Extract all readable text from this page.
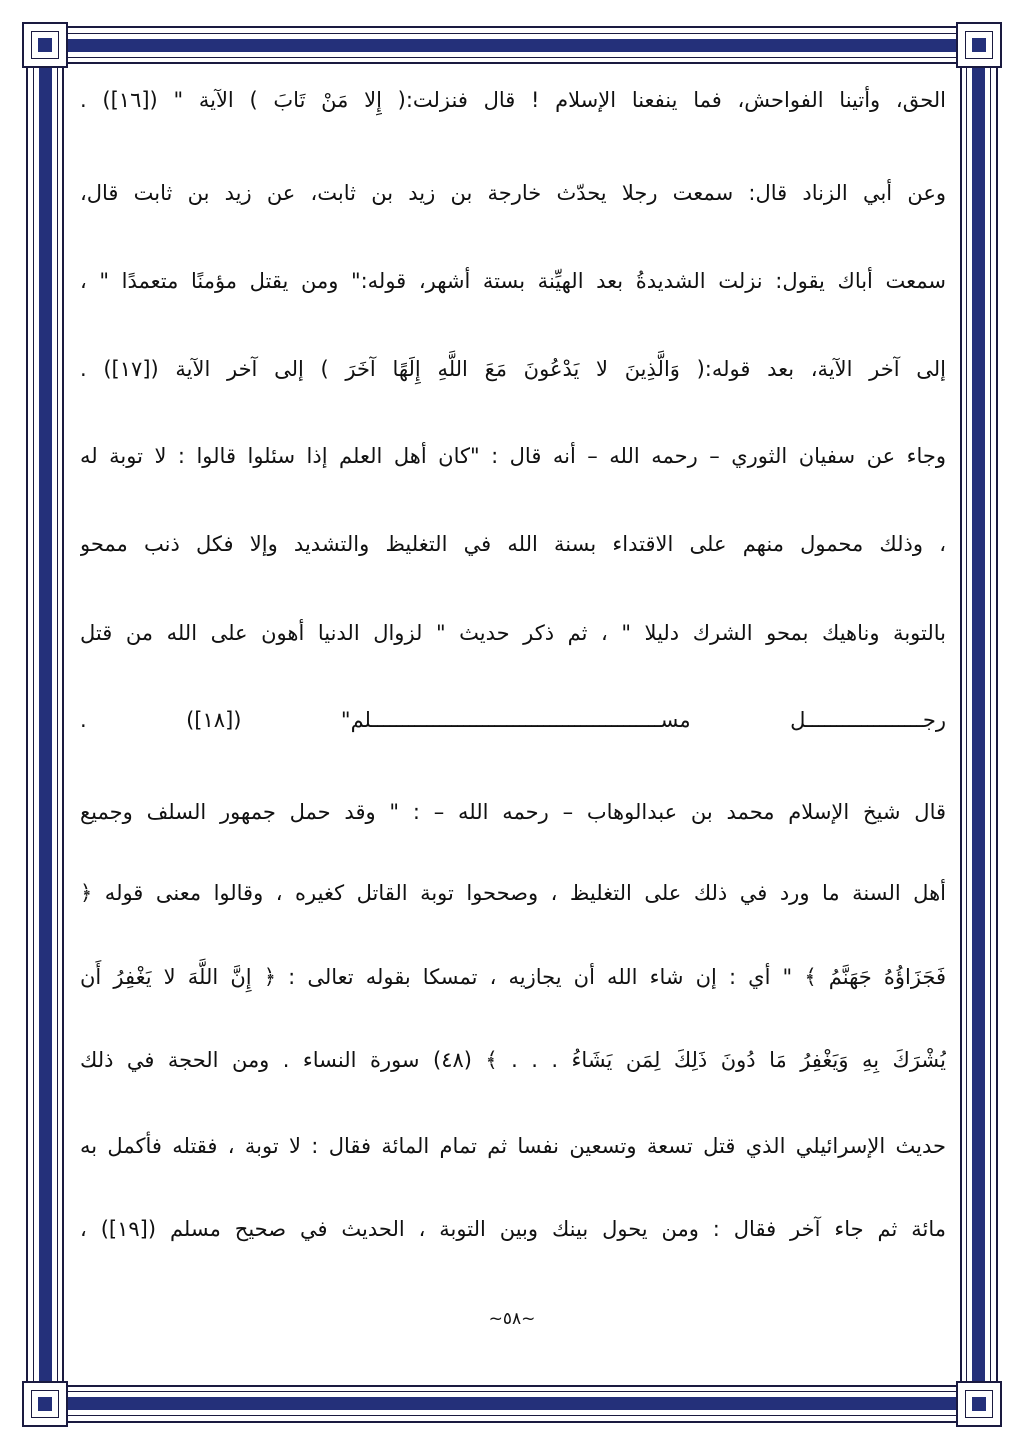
الحق، وأتينا الفواحش، فما ينفعنا الإسلام ! قال فنزلت:( إِلا مَنْ تَابَ ) الآية " ([١٦]) .
وعن أبي الزناد قال: سمعت رجلا يحدّث خارجة بن زيد بن ثابت، عن زيد بن ثابت قال،
سمعت أباك يقول: نزلت الشديدةُ بعد الهيِّنة بستة أشهر، قوله:" ومن يقتل مؤمنًا متعمدًا " ،
إلى آخر الآية، بعد قوله:( وَالَّذِينَ لا يَدْعُونَ مَعَ اللَّهِ إِلَهًا آخَرَ ) إلى آخر الآية ([١٧]) .
وجاء عن سفيان الثوري – رحمه الله – أنه قال : "كان أهل العلم إذا سئلوا قالوا : لا توبة له
، وذلك محمول منهم على الاقتداء بسنة الله في التغليظ والتشديد وإلا فكل ذنب ممحو
بالتوبة وناهيك بمحو الشرك دليلا " ، ثم ذكر حديث " لزوال الدنيا أهون على الله من قتل
رجـــــــــــــــــــل مســـــــــــــــــــــــــــــــــــــــــــــــلم" ([١٨]) .
قال شيخ الإسلام محمد بن عبدالوهاب – رحمه الله – : " وقد حمل جمهور السلف وجميع
أهل السنة ما ورد في ذلك على التغليظ ، وصححوا توبة القاتل كغيره ، وقالوا معنى قوله ﴿
فَجَزَاؤُهُ جَهَنَّمُ ﴾ " أي : إن شاء الله أن يجازيه ، تمسكا بقوله تعالى : ﴿ إِنَّ اللَّهَ لا يَغْفِرُ أَن
يُشْرَكَ بِهِ وَيَغْفِرُ مَا دُونَ ذَلِكَ لِمَن يَشَاءُ . . . ﴾ (٤٨) سورة النساء . ومن الحجة في ذلك
حديث الإسرائيلي الذي قتل تسعة وتسعين نفسا ثم تمام المائة فقال : لا توبة ، فقتله فأكمل به
مائة ثم جاء آخر فقال : ومن يحول بينك وبين التوبة ، الحديث في صحيح مسلم ([١٩]) ،
~٥٨~
